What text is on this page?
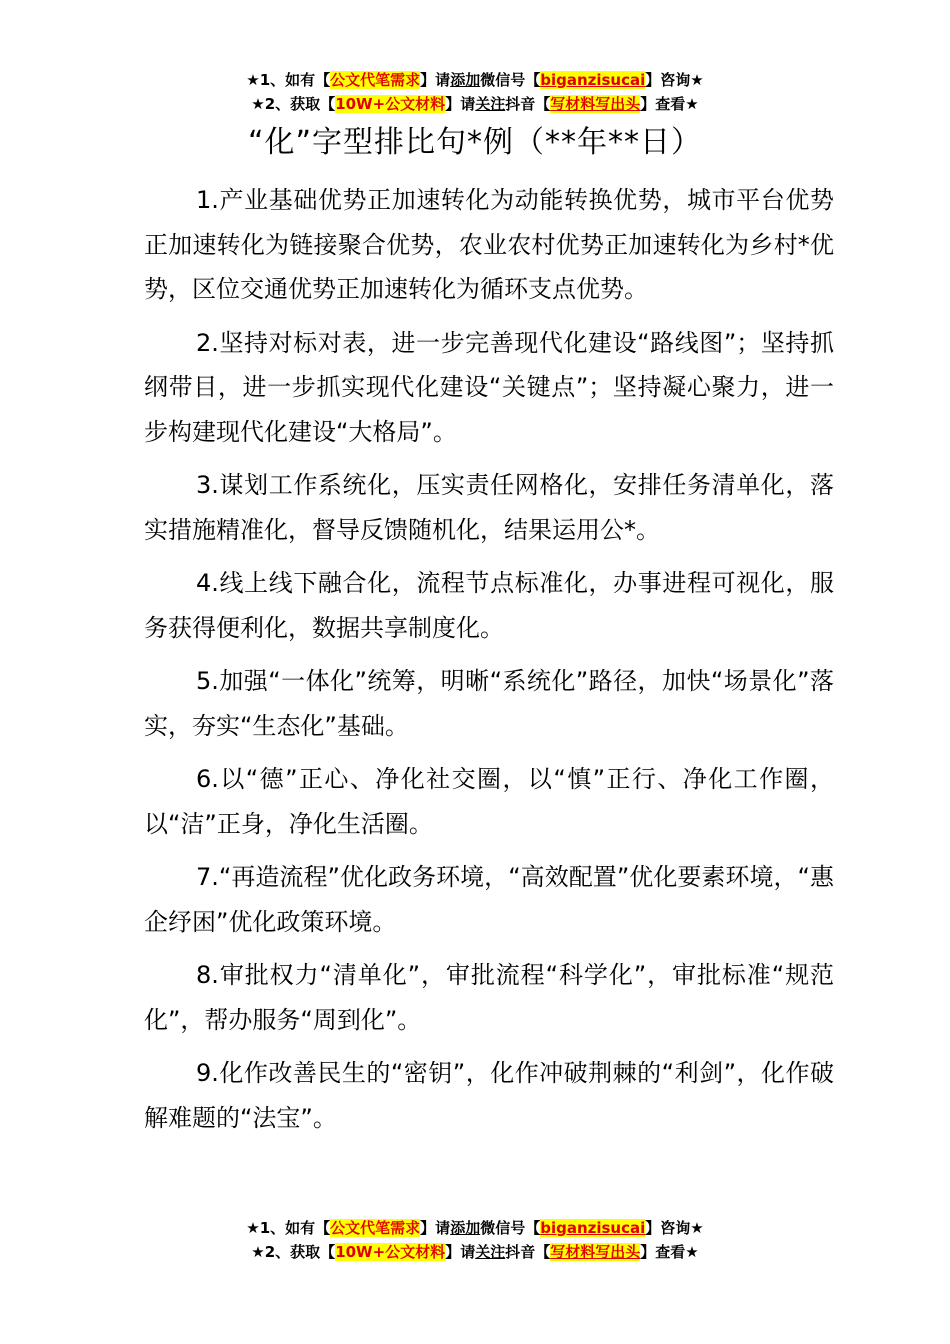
★1、如有【公文代笔需求】请添加微信号【biganzisucai】咨询★
★2、获取【10W+公文材料】请关注抖音【写材料写出头】查看★
“化”字型排比句*例（**年**日）

1.产业基础优势正加速转化为动能转换优势，城市平台优势正加速转化为链接聚合优势，农业农村优势正加速转化为乡村*优势，区位交通优势正加速转化为循环支点优势。

2.坚持对标对表，进一步完善现代化建设“路线图”；坚持抓纲带目，进一步抓实现代化建设“关键点”；坚持凝心聚力，进一步构建现代化建设“大格局”。

3.谋划工作系统化，压实责任网格化，安排任务清单化，落实措施精准化，督导反馈随机化，结果运用公*。

4.线上线下融合化，流程节点标准化，办事进程可视化，服务获得便利化，数据共享制度化。

5.加强“一体化”统筹，明晰“系统化”路径，加快“场景化”落实，夯实“生态化”基础。

6.以“德”正心、净化社交圈，以“慎”正行、净化工作圈，以“洁”正身，净化生活圈。

7.“再造流程”优化政务环境，“高效配置”优化要素环境，“惠企纾困”优化政策环境。

8.审批权力“清单化”，审批流程“科学化”，审批标准“规范化”，帮办服务“周到化”。

9.化作改善民生的“密钥”，化作冲破荆棘的“利剑”，化作破解难题的“法宝”。

★1、如有【公文代笔需求】请添加微信号【biganzisucai】咨询★
★2、获取【10W+公文材料】请关注抖音【写材料写出头】查看★
